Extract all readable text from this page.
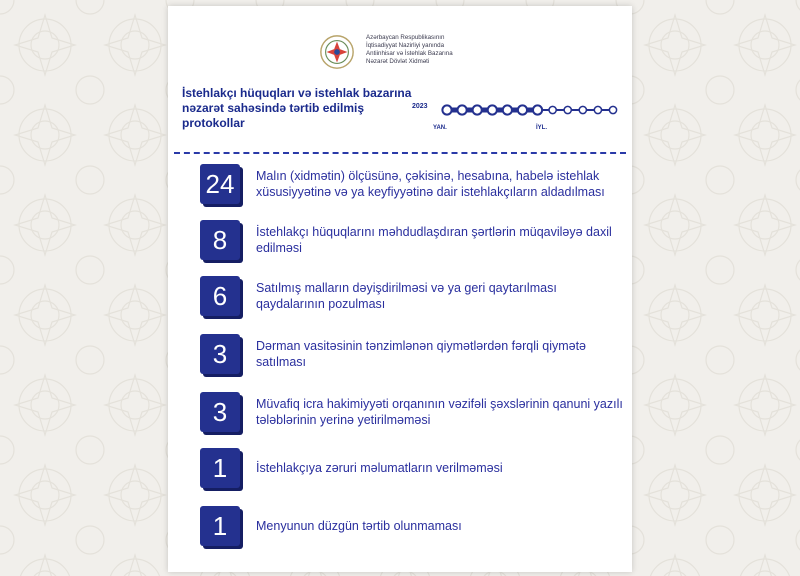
Azərbaycan Respublikasının
İqtisadiyyat Nazirliyi yanında
Antiinhisar və İstehlak Bazarına
Nəzarət Dövlət Xidməti
İstehlakçı hüquqları və istehlak bazarına nəzarət sahəsində tərtib edilmiş protokollar
2023
YAN.	İYL.
24	Malın (xidmətin) ölçüsünə, çəkisinə, hesabına, habelə istehlak xüsusiyyətinə və ya keyfiyyətinə dair istehlakçıların aldadılması
8	İstehlakçı hüquqlarını məhdudlaşdıran şərtlərin müqaviləyə daxil edilməsi
6	Satılmış malların dəyişdirilməsi və ya geri qaytarılması qaydalarının pozulması
3	Dərman vasitəsinin tənzimlənən qiymətlərdən fərqli qiymətə satılması
3	Müvafiq icra hakimiyyəti orqanının vəzifəli şəxslərinin qanuni yazılı tələblərinin yerinə yetirilməməsi
1	İstehlakçıya zəruri məlumatların verilməməsi
1	Menyunun düzgün tərtib olunmaması
